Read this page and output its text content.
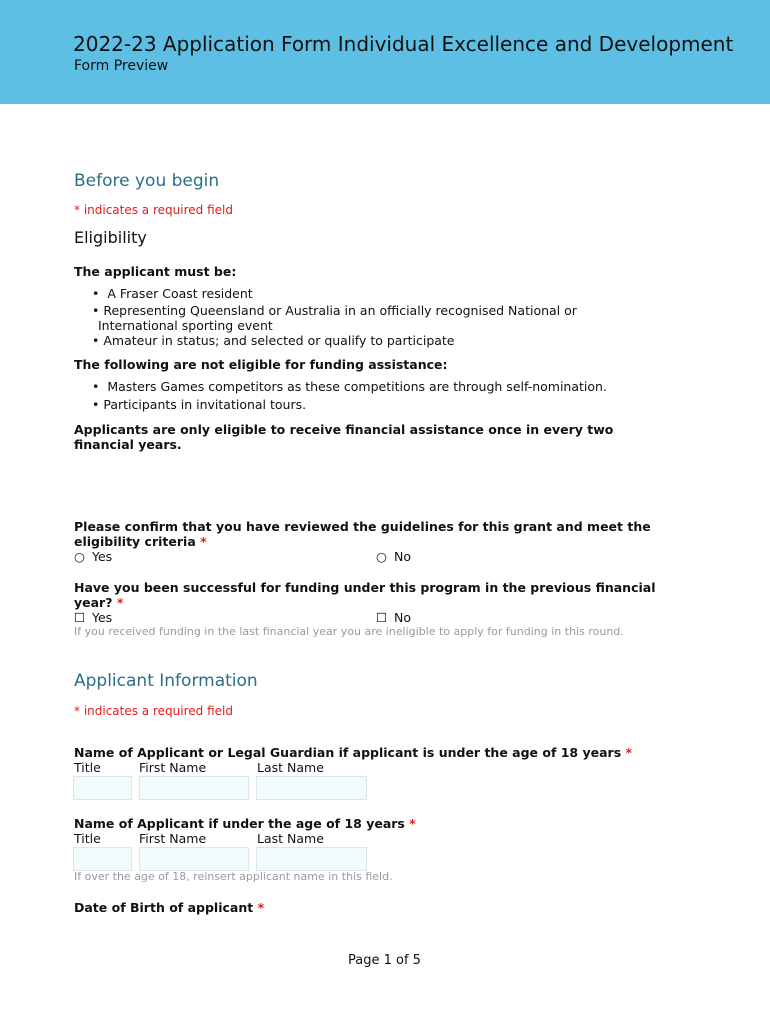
2022-23 Application Form Individual Excellence and Development
Form Preview
Before you begin
* indicates a required field
Eligibility
The applicant must be:
•  A Fraser Coast resident
• Representing Queensland or Australia in an officially recognised National or
International sporting event
• Amateur in status; and selected or qualify to participate
The following are not eligible for funding assistance:
•  Masters Games competitors as these competitions are through self-nomination.
• Participants in invitational tours.
Applicants are only eligible to receive financial assistance once in every two
financial years.
Please confirm that you have reviewed the guidelines for this grant and meet the
eligibility criteria *
○ Yes	○ No
Have you been successful for funding under this program in the previous financial
year? *
☐ Yes	☐ No
If you received funding in the last financial year you are ineligible to apply for funding in this round.
Applicant Information
* indicates a required field
Name of Applicant or Legal Guardian if applicant is under the age of 18 years *
Title	First Name	Last Name
Name of Applicant if under the age of 18 years *
Title	First Name	Last Name
If over the age of 18, reinsert applicant name in this field.
Date of Birth of applicant *
Page 1 of 5
